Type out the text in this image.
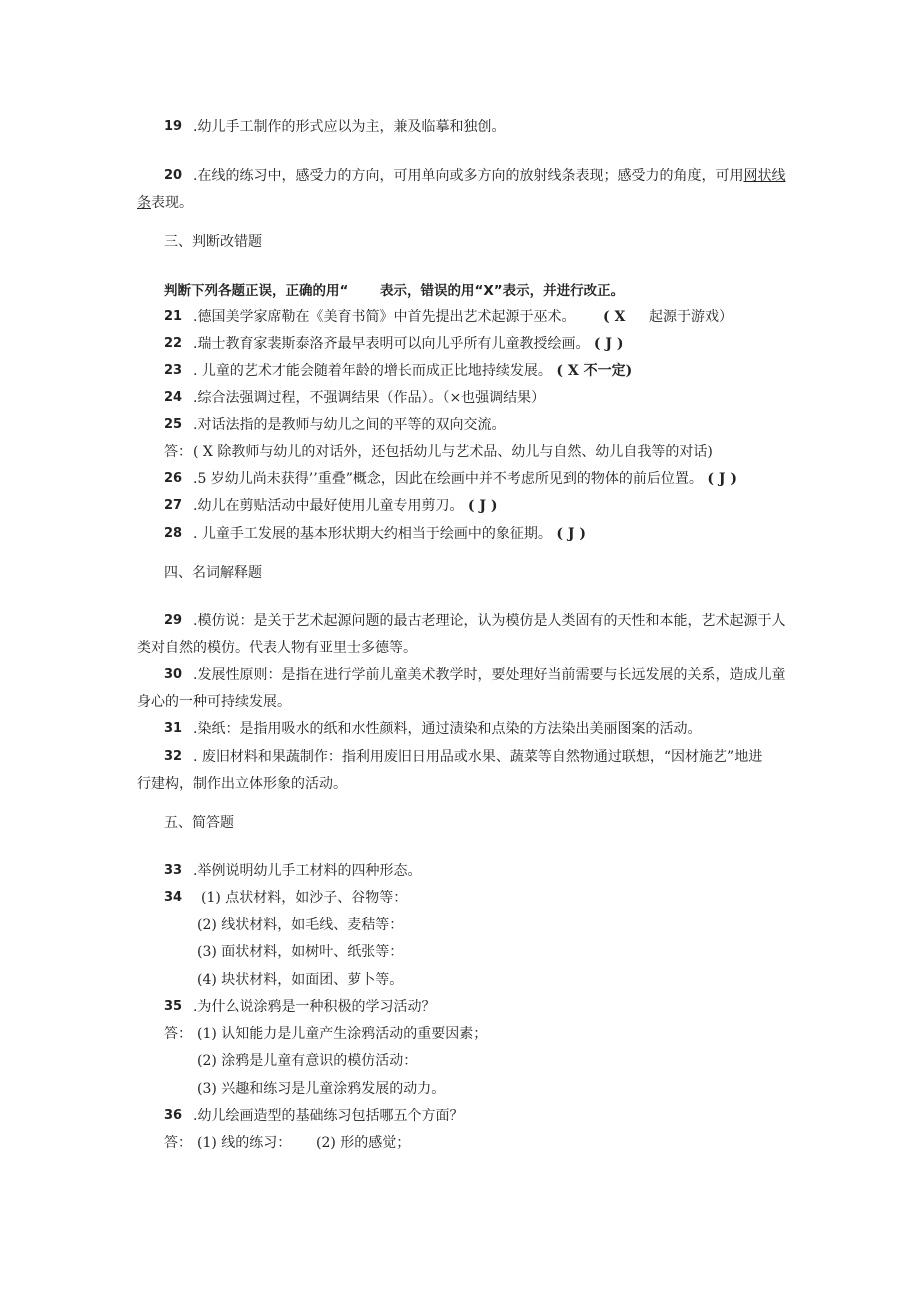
19 .幼儿手工制作的形式应以为主，兼及临摹和独创。
20 .在线的练习中，感受力的方向，可用单向或多方向的放射线条表现；感受力的角度，可用网状线
条表现。
三、判断改错题
判断下列各题正误，正确的用“ 表示，错误的用“X”表示，并进行改正。
21 .德国美学家席勒在《美育书简》中首先提出艺术起源于巫术。 ( X 起源于游戏）
22 .瑞士教育家裴斯泰洛齐最早表明可以向儿乎所有儿童教授绘画。 ( J )
23 . 儿童的艺术才能会随着年龄的增长而成正比地持续发展。 ( X 不一定)
24 .综合法强调过程，不强调结果（作品）。（×也强调结果）
25 .对话法指的是教师与幼儿之间的平等的双向交流。
答： ( X 除教师与幼儿的对话外，还包括幼儿与艺术品、幼儿与自然、幼儿自我等的对话)
26 .5 岁幼儿尚未获得’’重叠”概念，因此在绘画中并不考虑所见到的物体的前后位置。 ( J )
27 .幼儿在剪贴活动中最好使用儿童专用剪刀。 ( J )
28 . 儿童手工发展的基本形状期大约相当于绘画中的象征期。 ( J )
四、名词解释题
29 .模仿说：是关于艺术起源问题的最古老理论，认为模仿是人类固有的天性和本能，艺术起源于人
类对自然的模仿。代表人物有亚里士多德等。
30 .发展性原则：是指在进行学前儿童美术教学时，要处理好当前需要与长远发展的关系，造成儿童
身心的一种可持续发展。
31 .染纸：是指用吸水的纸和水性颜料，通过渍染和点染的方法染出美丽图案的活动。
32 . 废旧材料和果蔬制作：指利用废旧日用品或水果、蔬菜等自然物通过联想，“因材施艺”地进
行建构，制作出立体形象的活动。
五、简答题
33 .举例说明幼儿手工材料的四种形态。
34 (1) 点状材料，如沙子、谷物等：
(2) 线状材料，如毛线、麦秸等：
(3) 面状材料，如树叶、纸张等：
(4) 块状材料，如面团、萝卜等。
35 .为什么说涂鸦是一种积极的学习活动？
答： (1) 认知能力是儿童产生涂鸦活动的重要因素；
(2) 涂鸦是儿童有意识的模仿活动：
(3) 兴趣和练习是儿童涂鸦发展的动力。
36 .幼儿绘画造型的基础练习包括哪五个方面？
答： (1) 线的练习： (2) 形的感觉；
